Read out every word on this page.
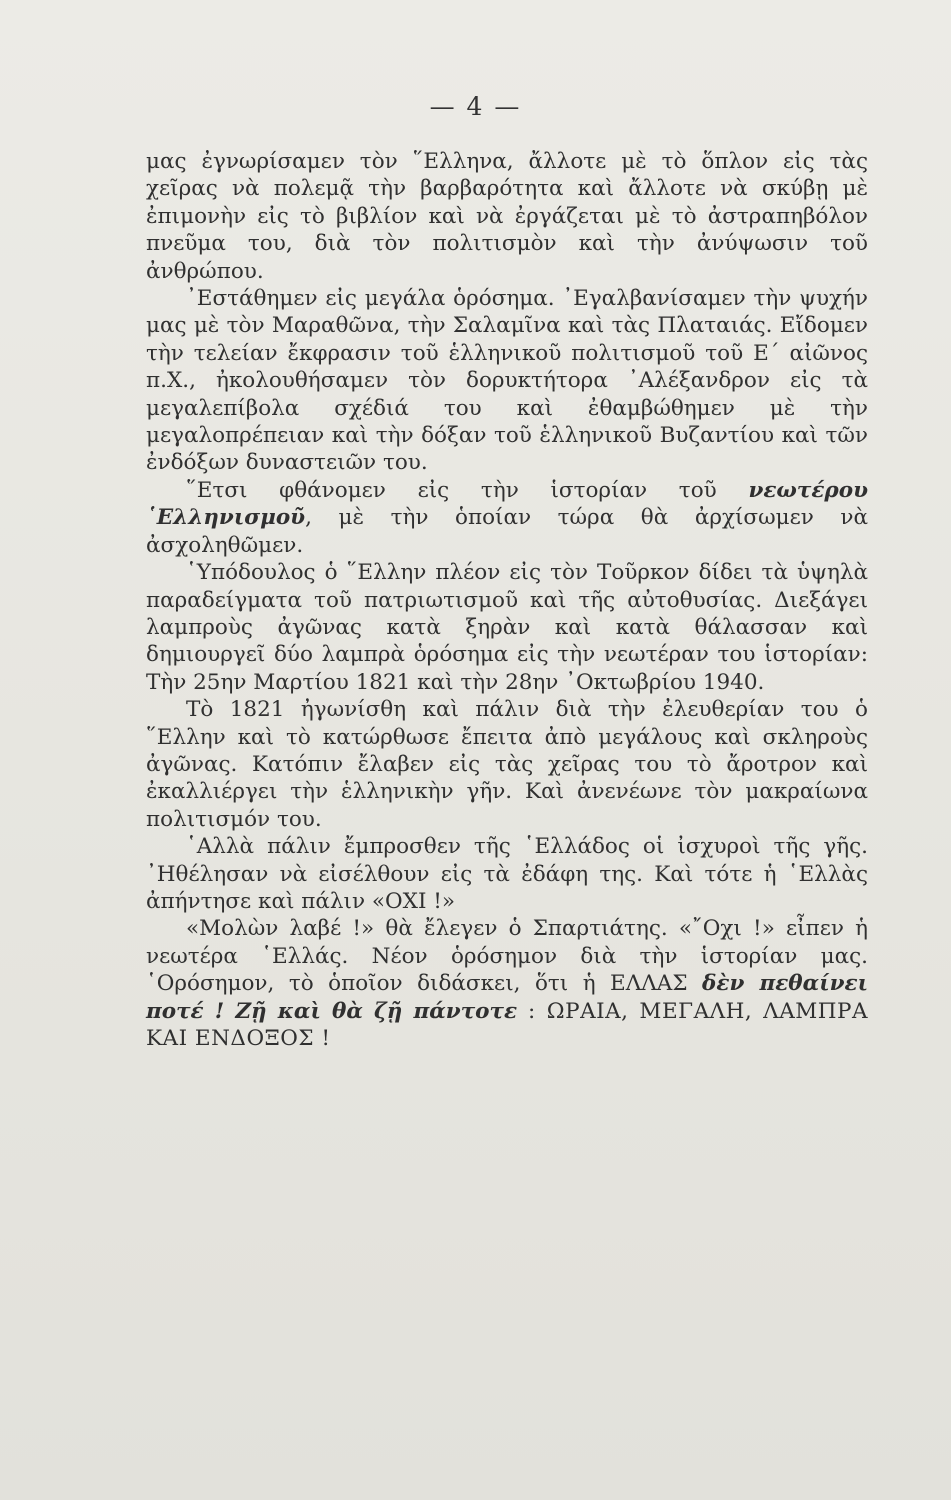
— 4 —

μας ἐγνωρίσαμεν τὸν ῞Ελληνα, ἄλλοτε μὲ τὸ ὅπλον εἰς τὰς χεῖρας νὰ πολεμᾷ τὴν βαρβαρότητα καὶ ἄλλοτε νὰ σκύβῃ μὲ ἐπιμονὴν εἰς τὸ βιβλίον καὶ νὰ ἐργάζεται μὲ τὸ ἀστραπηβόλον πνεῦμα του, διὰ τὸν πολιτισμὸν καὶ τὴν ἀνύψωσιν τοῦ ἀνθρώπου.

᾽Εστάθημεν εἰς μεγάλα ὁρόσημα. ᾽Εγαλβανίσαμεν τὴν ψυχήν μας μὲ τὸν Μαραθῶνα, τὴν Σαλαμῖνα καὶ τὰς Πλαταιάς. Εἴδομεν τὴν τελείαν ἔκφρασιν τοῦ ἑλληνικοῦ πολιτισμοῦ τοῦ Ε΄ αἰῶνος π.Χ., ἠκολουθήσαμεν τὸν δορυκτήτορα ᾽Αλέξανδρον εἰς τὰ μεγαλεπίβολα σχέδιά του καὶ ἐθαμβώθημεν μὲ τὴν μεγαλοπρέπειαν καὶ τὴν δόξαν τοῦ ἑλληνικοῦ Βυζαντίου καὶ τῶν ἐνδόξων δυναστειῶν του.

῞Ετσι φθάνομεν εἰς τὴν ἱστορίαν τοῦ νεωτέρου ῾Ελληνισμοῦ, μὲ τὴν ὁποίαν τώρα θὰ ἀρχίσωμεν νὰ ἀσχοληθῶμεν.

῾Υπόδουλος ὁ ῞Ελλην πλέον εἰς τὸν Τοῦρκον δίδει τὰ ὑψηλὰ παραδείγματα τοῦ πατριωτισμοῦ καὶ τῆς αὐτοθυσίας. Διεξάγει λαμπροὺς ἀγῶνας κατὰ ξηρὰν καὶ κατὰ θάλασσαν καὶ δημιουργεῖ δύο λαμπρὰ ὁρόσημα εἰς τὴν νεωτέραν του ἱστορίαν: Τὴν 25ην Μαρτίου 1821 καὶ τὴν 28ην ᾽Οκτωβρίου 1940.

Τὸ 1821 ἠγωνίσθη καὶ πάλιν διὰ τὴν ἐλευθερίαν του ὁ ῞Ελλην καὶ τὸ κατώρθωσε ἔπειτα ἀπὸ μεγάλους καὶ σκληροὺς ἀγῶνας. Κατόπιν ἔλαβεν εἰς τὰς χεῖρας του τὸ ἄροτρον καὶ ἐκαλλιέργει τὴν ἑλληνικὴν γῆν. Καὶ ἀνενέωνε τὸν μακραίωνα πολιτισμόν του.

῾Αλλὰ πάλιν ἔμπροσθεν τῆς ῾Ελλάδος οἱ ἰσχυροὶ τῆς γῆς. ᾽Ηθέλησαν νὰ εἰσέλθουν εἰς τὰ ἐδάφη της. Καὶ τότε ἡ ῾Ελλὰς ἀπήντησε καὶ πάλιν «ΟΧΙ !»

«Μολὼν λαβέ !» θὰ ἔλεγεν ὁ Σπαρτιάτης. «῎Οχι !» εἶπεν ἡ νεωτέρα ῾Ελλάς. Νέον ὁρόσημον διὰ τὴν ἱστορίαν μας. ῾Ορόσημον, τὸ ὁποῖον διδάσκει, ὅτι ἡ ΕΛΛΑΣ δὲν πεθαίνει ποτέ ! Ζῇ καὶ θὰ ζῇ πάντοτε : ΩΡΑΙΑ, ΜΕΓΑΛΗ, ΛΑΜΠΡΑ ΚΑΙ ΕΝΔΟΞΟΣ !
